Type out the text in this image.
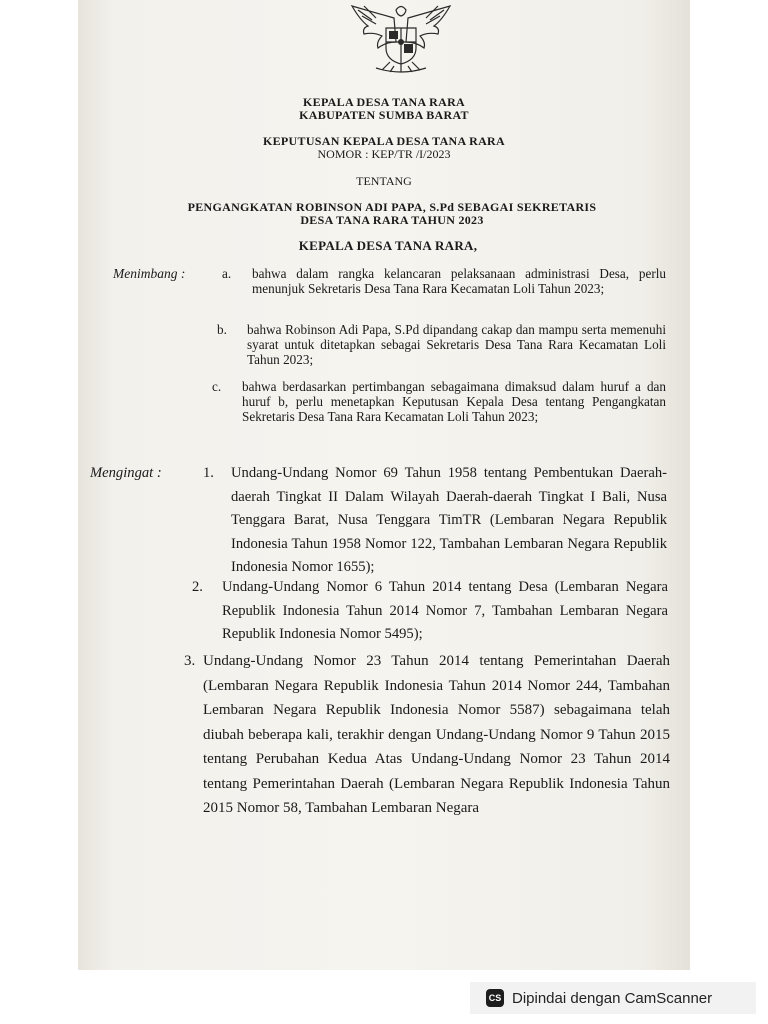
KEPALA DESA TANA RARA
KABUPATEN SUMBA BARAT
KEPUTUSAN KEPALA DESA TANA RARA
NOMOR : KEP/TR /I/2023
TENTANG
PENGANGKATAN ROBINSON ADI PAPA, S.Pd SEBAGAI SEKRETARIS
DESA TANA RARA TAHUN 2023
KEPALA DESA TANA RARA,
Menimbang :	a. bahwa dalam rangka kelancaran pelaksanaan administrasi Desa, perlu menunjuk Sekretaris Desa Tana Rara Kecamatan Loli Tahun 2023;
b. bahwa Robinson Adi Papa, S.Pd dipandang cakap dan mampu serta memenuhi syarat untuk ditetapkan sebagai Sekretaris Desa Tana Rara Kecamatan Loli Tahun 2023;
c. bahwa berdasarkan pertimbangan sebagaimana dimaksud dalam huruf a dan huruf b, perlu menetapkan Keputusan Kepala Desa tentang Pengangkatan Sekretaris Desa Tana Rara Kecamatan Loli Tahun 2023;
Mengingat :	1. Undang-Undang Nomor 69 Tahun 1958 tentang Pembentukan Daerah-daerah Tingkat II Dalam Wilayah Daerah-daerah Tingkat I Bali, Nusa Tenggara Barat, Nusa Tenggara TimTR (Lembaran Negara Republik Indonesia Tahun 1958 Nomor 122, Tambahan Lembaran Negara Republik Indonesia Nomor 1655);
2. Undang-Undang Nomor 6 Tahun 2014 tentang Desa (Lembaran Negara Republik Indonesia Tahun 2014 Nomor 7, Tambahan Lembaran Negara Republik Indonesia Nomor 5495);
3. Undang-Undang Nomor 23 Tahun 2014 tentang Pemerintahan Daerah (Lembaran Negara Republik Indonesia Tahun 2014 Nomor 244, Tambahan Lembaran Negara Republik Indonesia Nomor 5587) sebagaimana telah diubah beberapa kali, terakhir dengan Undang-Undang Nomor 9 Tahun 2015 tentang Perubahan Kedua Atas Undang-Undang Nomor 23 Tahun 2014 tentang Pemerintahan Daerah (Lembaran Negara Republik Indonesia Tahun 2015 Nomor 58, Tambahan Lembaran Negara
CS Dipindai dengan CamScanner
